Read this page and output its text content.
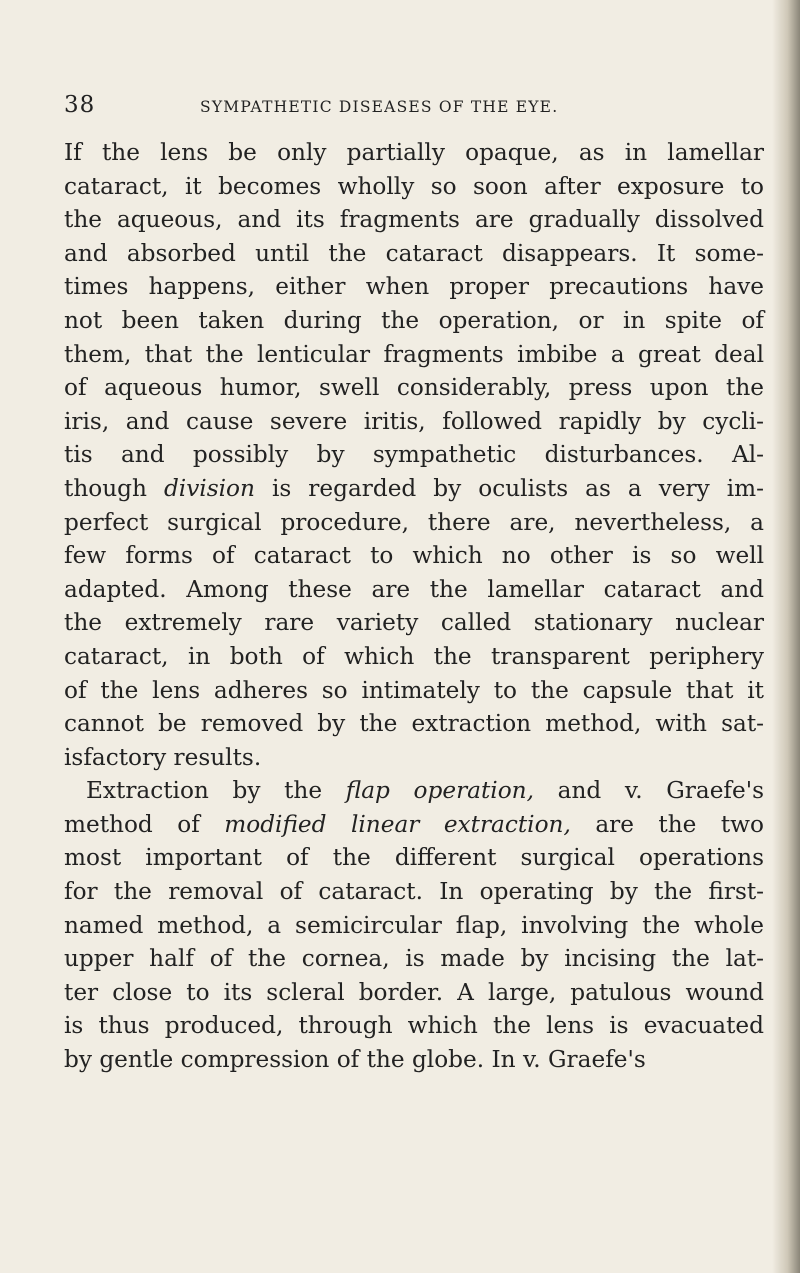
38	SYMPATHETIC DISEASES OF THE EYE.
If the lens be only partially opaque, as in lamellar
cataract, it becomes wholly so soon after exposure to
the aqueous, and its fragments are gradually dissolved
and absorbed until the cataract disappears. It some-
times happens, either when proper precautions have
not been taken during the operation, or in spite of
them, that the lenticular fragments imbibe a great deal
of aqueous humor, swell considerably, press upon the
iris, and cause severe iritis, followed rapidly by cycli-
tis and possibly by sympathetic disturbances. Al-
though division is regarded by oculists as a very im-
perfect surgical procedure, there are, nevertheless, a
few forms of cataract to which no other is so well
adapted. Among these are the lamellar cataract and
the extremely rare variety called stationary nuclear
cataract, in both of which the transparent periphery
of the lens adheres so intimately to the capsule that it
cannot be removed by the extraction method, with sat-
isfactory results.
Extraction by the flap operation, and v. Graefe's
method of modified linear extraction, are the two
most important of the different surgical operations
for the removal of cataract. In operating by the first-
named method, a semicircular flap, involving the whole
upper half of the cornea, is made by incising the lat-
ter close to its scleral border. A large, patulous wound
is thus produced, through which the lens is evacuated
by gentle compression of the globe. In v. Graefe's
